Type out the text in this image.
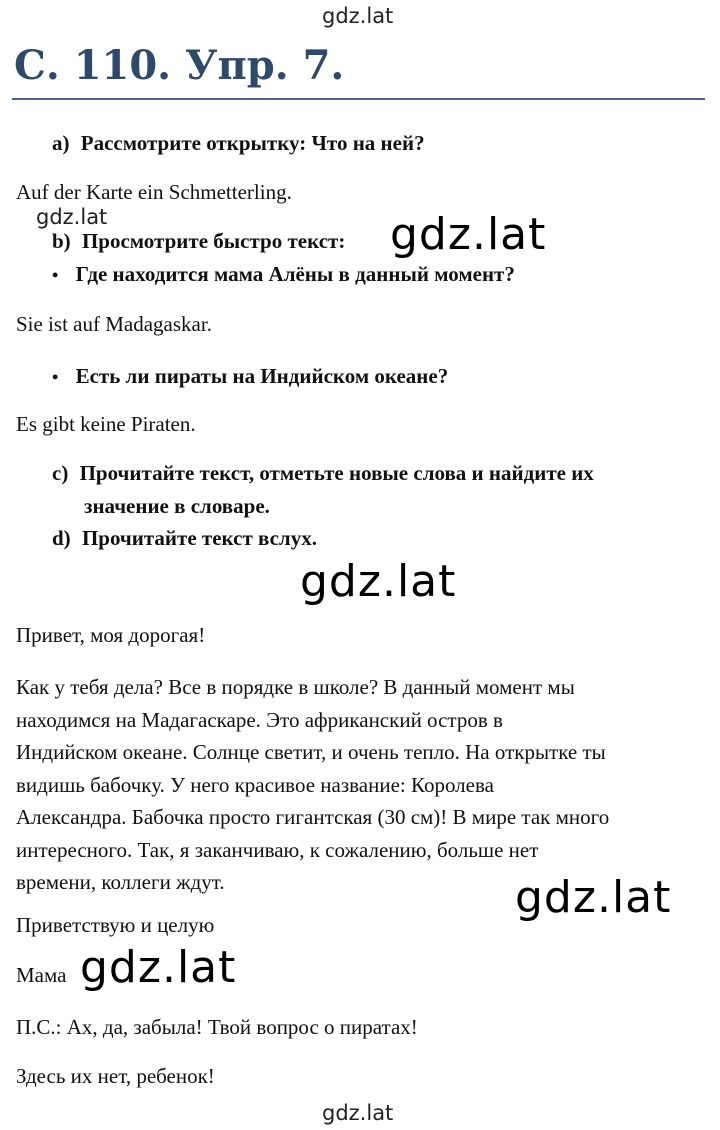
gdz.lat
С. 110. Упр. 7.
a) Рассмотрите открытку: Что на ней?
Auf der Karte ein Schmetterling.
gdz.lat
b) Просмотрите быстро текст: gdz.lat
• Где находится мама Алёны в данный момент?
Sie ist auf Madagaskar.
• Есть ли пираты на Индийском океане?
Es gibt keine Piraten.
c) Прочитайте текст, отметьте новые слова и найдите их
значение в словаре.
d) Прочитайте текст вслух.
gdz.lat
Привет, моя дорогая!
Как у тебя дела? Все в порядке в школе? В данный момент мы
находимся на Мадагаскаре. Это африканский остров в
Индийском океане. Солнце светит, и очень тепло. На открытке ты
видишь бабочку. У него красивое название: Королева
Александра. Бабочка просто гигантская (30 см)! В мире так много
интересного. Так, я заканчиваю, к сожалению, больше нет
времени, коллеги ждут.	gdz.lat
Приветствую и целую
Мама gdz.lat
П.С.: Ах, да, забыла! Твой вопрос о пиратах!
Здесь их нет, ребенок!
gdz.lat
